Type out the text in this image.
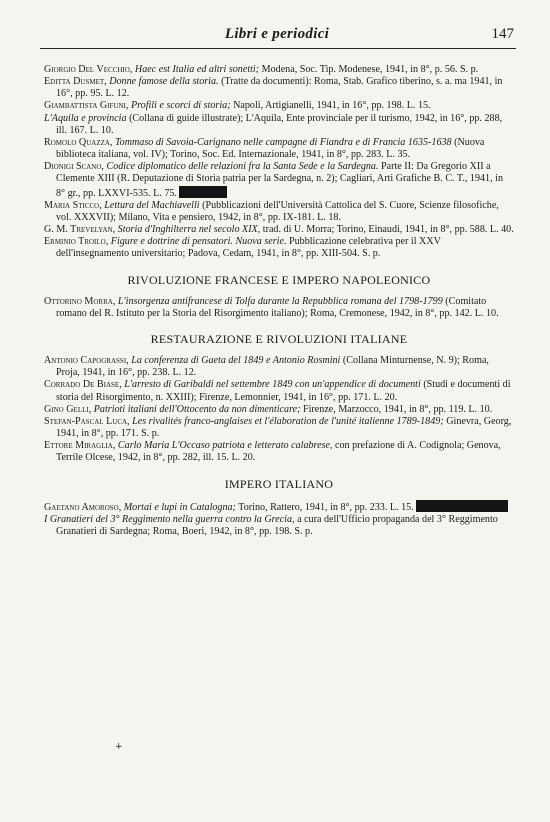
Libri e periodici	147

Giorgio Del Vecchio, Haec est Italia ed altri sonetti; Modena, Soc. Tip. Modenese, 1941, in 8°, p. 56. S. p.

Editta Dusmet, Donne famose della storia. (Tratte da documenti): Roma, Stab. Grafico tiberino, s. a. ma 1941, in 16°, pp. 95. L. 12.

Giambattista Gifuni, Profili e scorci di storia; Napoli, Artigianelli, 1941, in 16°, pp. 198. L. 15.

L'Aquila e provincia (Collana di guide illustrate); L'Aquila, Ente provinciale per il turismo, 1942, in 16°, pp. 288, ill. 167. L. 10.

Romolo Quazza, Tommaso di Savoia-Carignano nelle campagne di Fiandra e di Francia 1635-1638 (Nuova biblioteca italiana, vol. IV); Torino, Soc. Ed. Internazionale, 1941, in 8°, pp. 283. L. 35.

Dionigi Scano, Codice diplomatico delle relazioni fra la Santa Sede e la Sardegna. Parte II: Da Gregorio XII a Clemente XIII (R. Deputazione di Storia patria per la Sardegna, n. 2); Cagliari, Arti Grafiche B. C. T., 1941, in 8° gr., pp. LXXVI-535. L. 75.

Maria Sticco, Lettura del Machiavelli (Pubblicazioni dell'Università Cattolica del S. Cuore, Scienze filosofiche, vol. XXXVII); Milano, Vita e pensiero, 1942, in 8°, pp. IX-181. L. 18.

G. M. Trevelyan, Storia d'Inghilterra nel secolo XIX, trad. di U. Morra; Torino, Einaudi, 1941, in 8°, pp. 588. L. 40.

Erminio Troilo, Figure e dottrine di pensatori. Nuova serie. Pubblicazione celebrativa per il XXV dell'insegnamento universitario; Padova, Cedam, 1941, in 8°, pp. XIII-504. S. p.

RIVOLUZIONE FRANCESE E IMPERO NAPOLEONICO

Ottorino Morra, L'insorgenza antifrancese di Tolfa durante la Repubblica romana del 1798-1799 (Comitato romano del R. Istituto per la Storia del Risorgimento italiano); Roma, Cremonese, 1942, in 8°, pp. 142. L. 10.

RESTAURAZIONE E RIVOLUZIONI ITALIANE

Antonio Capograssi, La conferenza di Gaeta del 1849 e Antonio Rosmini (Collana Minturnense, N. 9); Roma, Proja, 1941, in 16°, pp. 238. L. 12.

Corrado De Biase, L'arresto di Garibaldi nel settembre 1849 con un'appendice di documenti (Studi e documenti di storia del Risorgimento, n. XXIII); Firenze, Lemonnier, 1941, in 16°, pp. 171. L. 20.

Gino Gelli, Patrioti italiani dell'Ottocento da non dimenticare; Firenze, Marzocco, 1941, in 8°, pp. 119. L. 10.

Stefan-Pascal Luca, Les rivalités franco-anglaises et l'élaboration de l'unité italienne 1789-1849; Ginevra, Georg, 1941, in 8°, pp. 171. S. p.

Ettore Miraglia, Carlo Maria L'Occaso patriota e letterato calabrese, con prefazione di A. Codignola; Genova, Terrile Olcese, 1942, in 8°, pp. 282, ill. 15. L. 20.

IMPERO ITALIANO

Gaetano Amoroso, Mortai e lupi in Catalogna; Torino, Rattero, 1941, in 8°, pp. 233. L. 15.

I Granatieri del 3° Reggimento nella guerra contro la Grecia, a cura dell'Ufficio propaganda del 3° Reggimento Granatieri di Sardegna; Roma, Boeri, 1942, in 8°, pp. 198. S. p.

+
